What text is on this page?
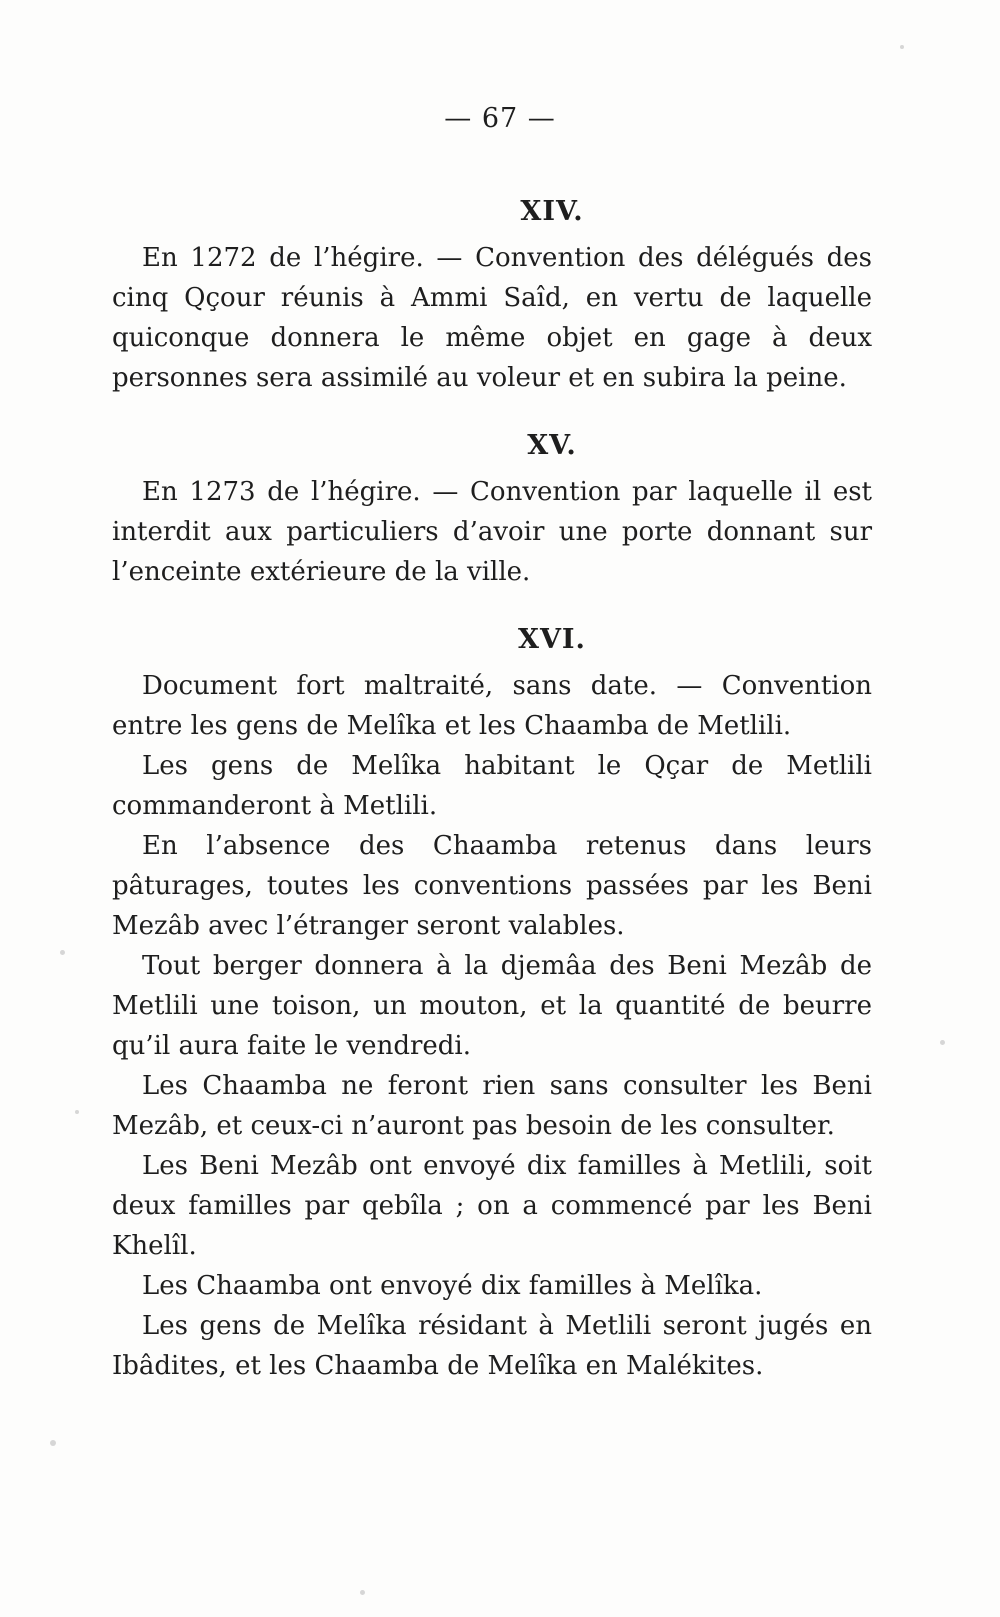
— 67 —
XIV.

En 1272 de l’hégire. — Convention des délégués des cinq Qçour réunis à Ammi Saîd, en vertu de laquelle quiconque donnera le même objet en gage à deux personnes sera assimilé au voleur et en subira la peine.

XV.

En 1273 de l’hégire. — Convention par laquelle il est interdit aux particuliers d’avoir une porte donnant sur l’enceinte extérieure de la ville.

XVI.

Document fort maltraité, sans date. — Convention entre les gens de Melîka et les Chaamba de Metlili.

Les gens de Melîka habitant le Qçar de Metlili commanderont à Metlili.

En l’absence des Chaamba retenus dans leurs pâturages, toutes les conventions passées par les Beni Mezâb avec l’étranger seront valables.

Tout berger donnera à la djemâa des Beni Mezâb de Metlili une toison, un mouton, et la quantité de beurre qu’il aura faite le vendredi.

Les Chaamba ne feront rien sans consulter les Beni Mezâb, et ceux-ci n’auront pas besoin de les consulter.

Les Beni Mezâb ont envoyé dix familles à Metlili, soit deux familles par qebîla ; on a commencé par les Beni Khelîl.

Les Chaamba ont envoyé dix familles à Melîka.

Les gens de Melîka résidant à Metlili seront jugés en Ibâdites, et les Chaamba de Melîka en Malékites.
